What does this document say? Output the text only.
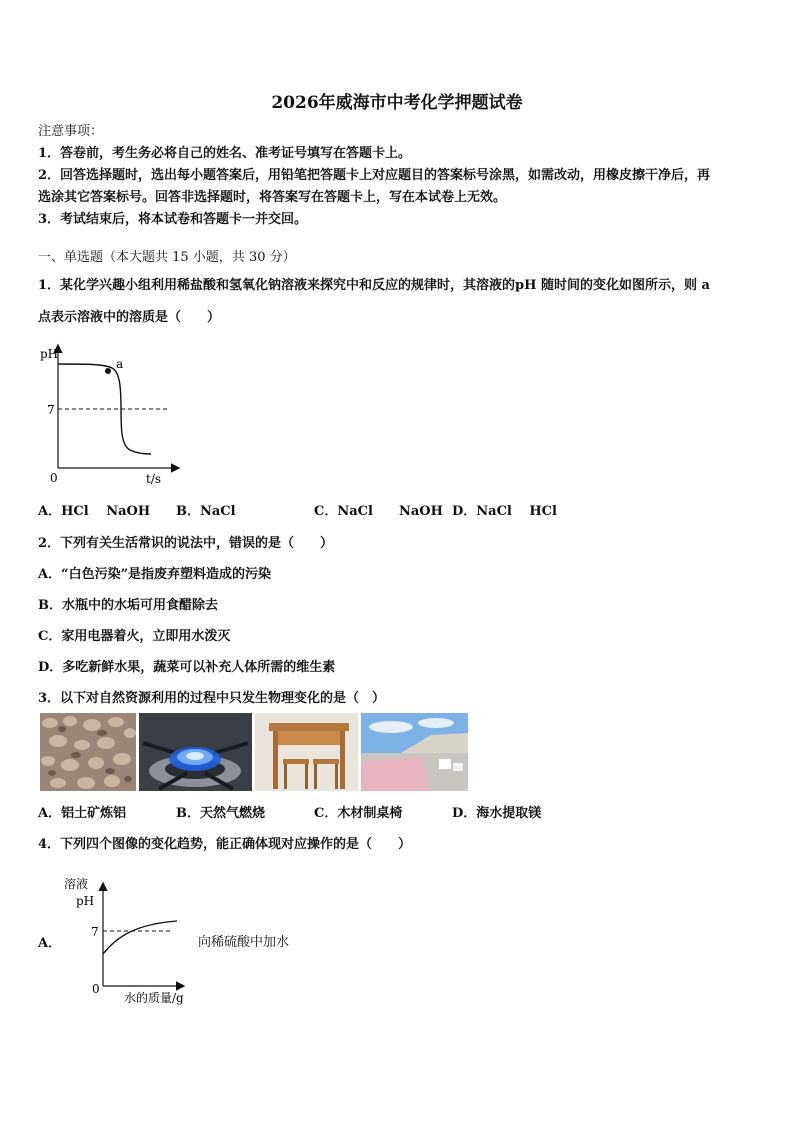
2026年威海市中考化学押题试卷
注意事项：
1．答卷前，考生务必将自己的姓名、准考证号填写在答题卡上。
2．回答选择题时，选出每小题答案后，用铅笔把答题卡上对应题目的答案标号涂黑，如需改动，用橡皮擦干净后，再
选涂其它答案标号。回答非选择题时，将答案写在答题卡上，写在本试卷上无效。
3．考试结束后，将本试卷和答题卡一并交回。
一、单选题（本大题共 15 小题，共 30 分）
1．某化学兴趣小组利用稀盐酸和氢氧化钠溶液来探究中和反应的规律时，其溶液的pH 随时间的变化如图所示，则 a
点表示溶液中的溶质是（　　）
pH
a
7
0	t/s
A．HCl　 NaOH B．NaCl	C．NaCl　　NaOH D．NaCl　 HCl
2．下列有关生活常识的说法中，错误的是（　　）
A．“白色污染”是指废弃塑料造成的污染
B．水瓶中的水垢可用食醋除去
C．家用电器着火，立即用水泼灭
D．多吃新鲜水果，蔬菜可以补充人体所需的维生素
3．以下对自然资源利用的过程中只发生物理变化的是（　）
A．铝土矿炼铝	B．天然气燃烧	C．木材制桌椅	D．海水提取镁
4．下列四个图像的变化趋势，能正确体现对应操作的是（　　）
A．
溶液
pH
7
0
水的质量/g
向稀硫酸中加水
